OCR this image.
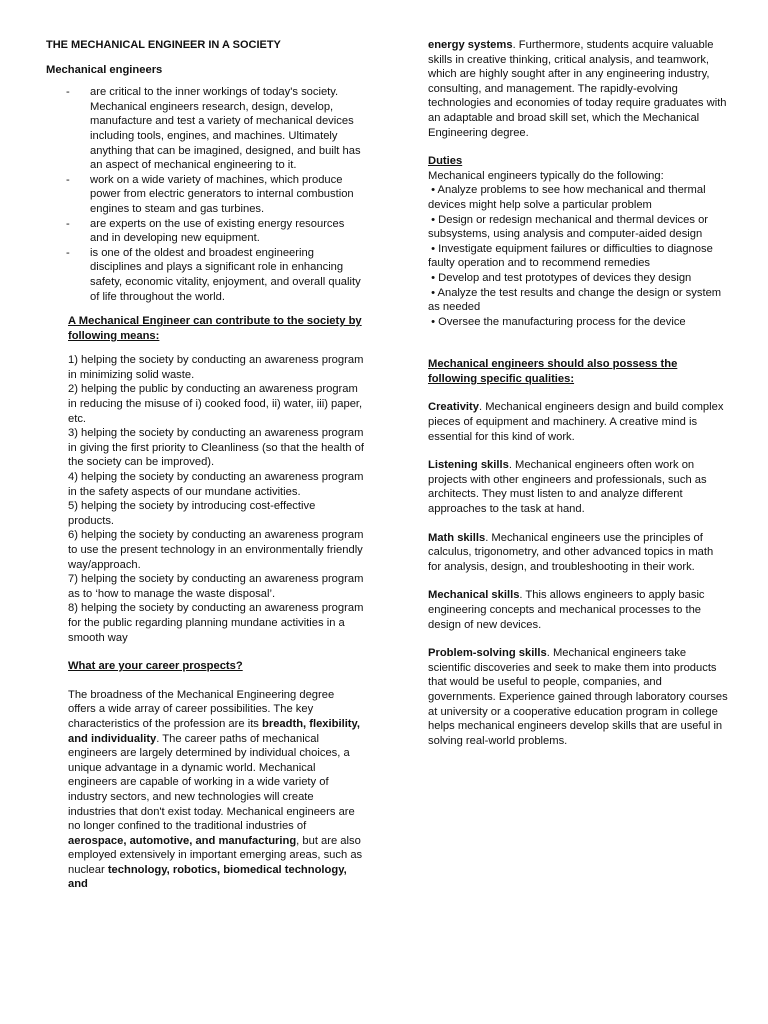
THE MECHANICAL ENGINEER IN A SOCIETY

Mechanical engineers

- are critical to the inner workings of today's society. Mechanical engineers research, design, develop, manufacture and test a variety of mechanical devices including tools, engines, and machines. Ultimately anything that can be imagined, designed, and built has an aspect of mechanical engineering to it.
- work on a wide variety of machines, which produce power from electric generators to internal combustion engines to steam and gas turbines.
- are experts on the use of existing energy resources and in developing new equipment.
- is one of the oldest and broadest engineering disciplines and plays a significant role in enhancing safety, economic vitality, enjoyment, and overall quality of life throughout the world.

A Mechanical Engineer can contribute to the society by following means:

1) helping the society by conducting an awareness program in minimizing solid waste.

2) helping the public by conducting an awareness program in reducing the misuse of i) cooked food, ii) water, iii) paper, etc.

3) helping the society by conducting an awareness program in giving the first priority to Cleanliness (so that the health of the society can be improved).

4) helping the society by conducting an awareness program in the safety aspects of our mundane activities.

5) helping the society by introducing cost-effective products.

6) helping the society by conducting an awareness program to use the present technology in an environmentally friendly way/approach.

7) helping the society by conducting an awareness program as to ‘how to manage the waste disposal’.

8) helping the society by conducting an awareness program for the public regarding planning mundane activities in a smooth way

What are your career prospects?

The broadness of the Mechanical Engineering degree offers a wide array of career possibilities. The key characteristics of the profession are its breadth, flexibility, and individuality. The career paths of mechanical engineers are largely determined by individual choices, a unique advantage in a dynamic world. Mechanical engineers are capable of working in a wide variety of industry sectors, and new technologies will create industries that don't exist today. Mechanical engineers are no longer confined to the traditional industries of aerospace, automotive, and manufacturing, but are also employed extensively in important emerging areas, such as nuclear technology, robotics, biomedical technology, and

energy systems. Furthermore, students acquire valuable skills in creative thinking, critical analysis, and teamwork, which are highly sought after in any engineering industry, consulting, and management. The rapidly-evolving technologies and economies of today require graduates with an adaptable and broad skill set, which the Mechanical Engineering degree.

Duties

Mechanical engineers typically do the following:

• Analyze problems to see how mechanical and thermal devices might help solve a particular problem

• Design or redesign mechanical and thermal devices or subsystems, using analysis and computer-aided design

• Investigate equipment failures or difficulties to diagnose faulty operation and to recommend remedies

• Develop and test prototypes of devices they design

• Analyze the test results and change the design or system as needed

• Oversee the manufacturing process for the device

Mechanical engineers should also possess the following specific qualities:

Creativity. Mechanical engineers design and build complex pieces of equipment and machinery. A creative mind is essential for this kind of work.

Listening skills. Mechanical engineers often work on projects with other engineers and professionals, such as architects. They must listen to and analyze different approaches to the task at hand.

Math skills. Mechanical engineers use the principles of calculus, trigonometry, and other advanced topics in math for analysis, design, and troubleshooting in their work.

Mechanical skills. This allows engineers to apply basic engineering concepts and mechanical processes to the design of new devices.

Problem-solving skills. Mechanical engineers take scientific discoveries and seek to make them into products that would be useful to people, companies, and governments. Experience gained through laboratory courses at university or a cooperative education program in college helps mechanical engineers develop skills that are useful in solving real-world problems.
